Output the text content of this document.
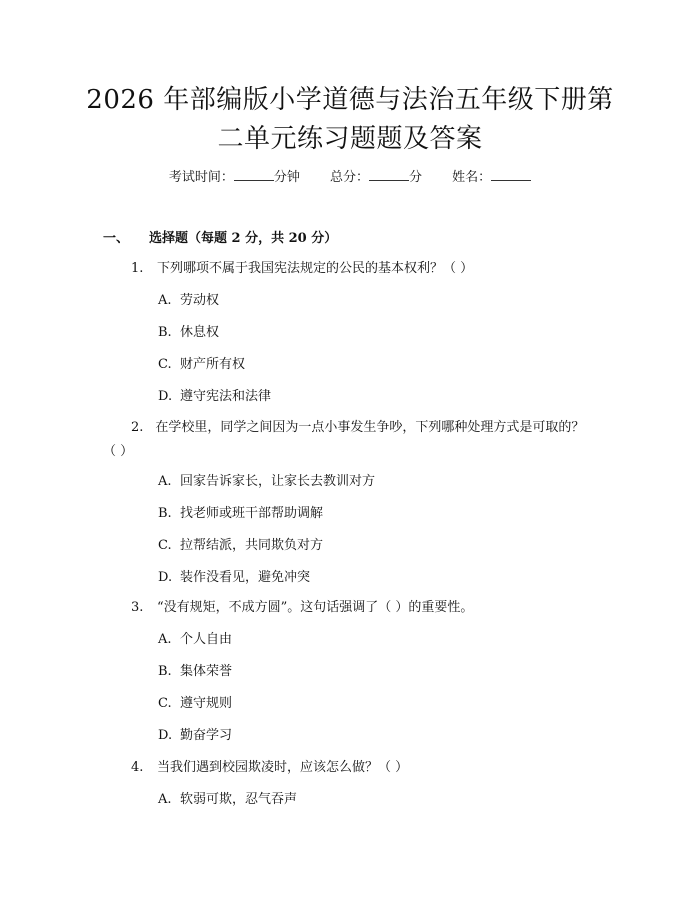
2026 年部编版小学道德与法治五年级下册第
二单元练习题题及答案
考试时间：	分钟 总分：	分 姓名：
一、 选择题（每题 2 分，共 20 分）
1. 下列哪项不属于我国宪法规定的公民的基本权利？（ ）
A. 劳动权
B. 休息权
C. 财产所有权
D. 遵守宪法和法律
2. 在学校里，同学之间因为一点小事发生争吵，下列哪种处理方式是可取的？（ ）
A. 回家告诉家长，让家长去教训对方
B. 找老师或班干部帮助调解
C. 拉帮结派，共同欺负对方
D. 装作没看见，避免冲突
3. “没有规矩，不成方圆”。这句话强调了（ ）的重要性。
A. 个人自由
B. 集体荣誉
C. 遵守规则
D. 勤奋学习
4. 当我们遇到校园欺凌时，应该怎么做？（ ）
A. 软弱可欺，忍气吞声
